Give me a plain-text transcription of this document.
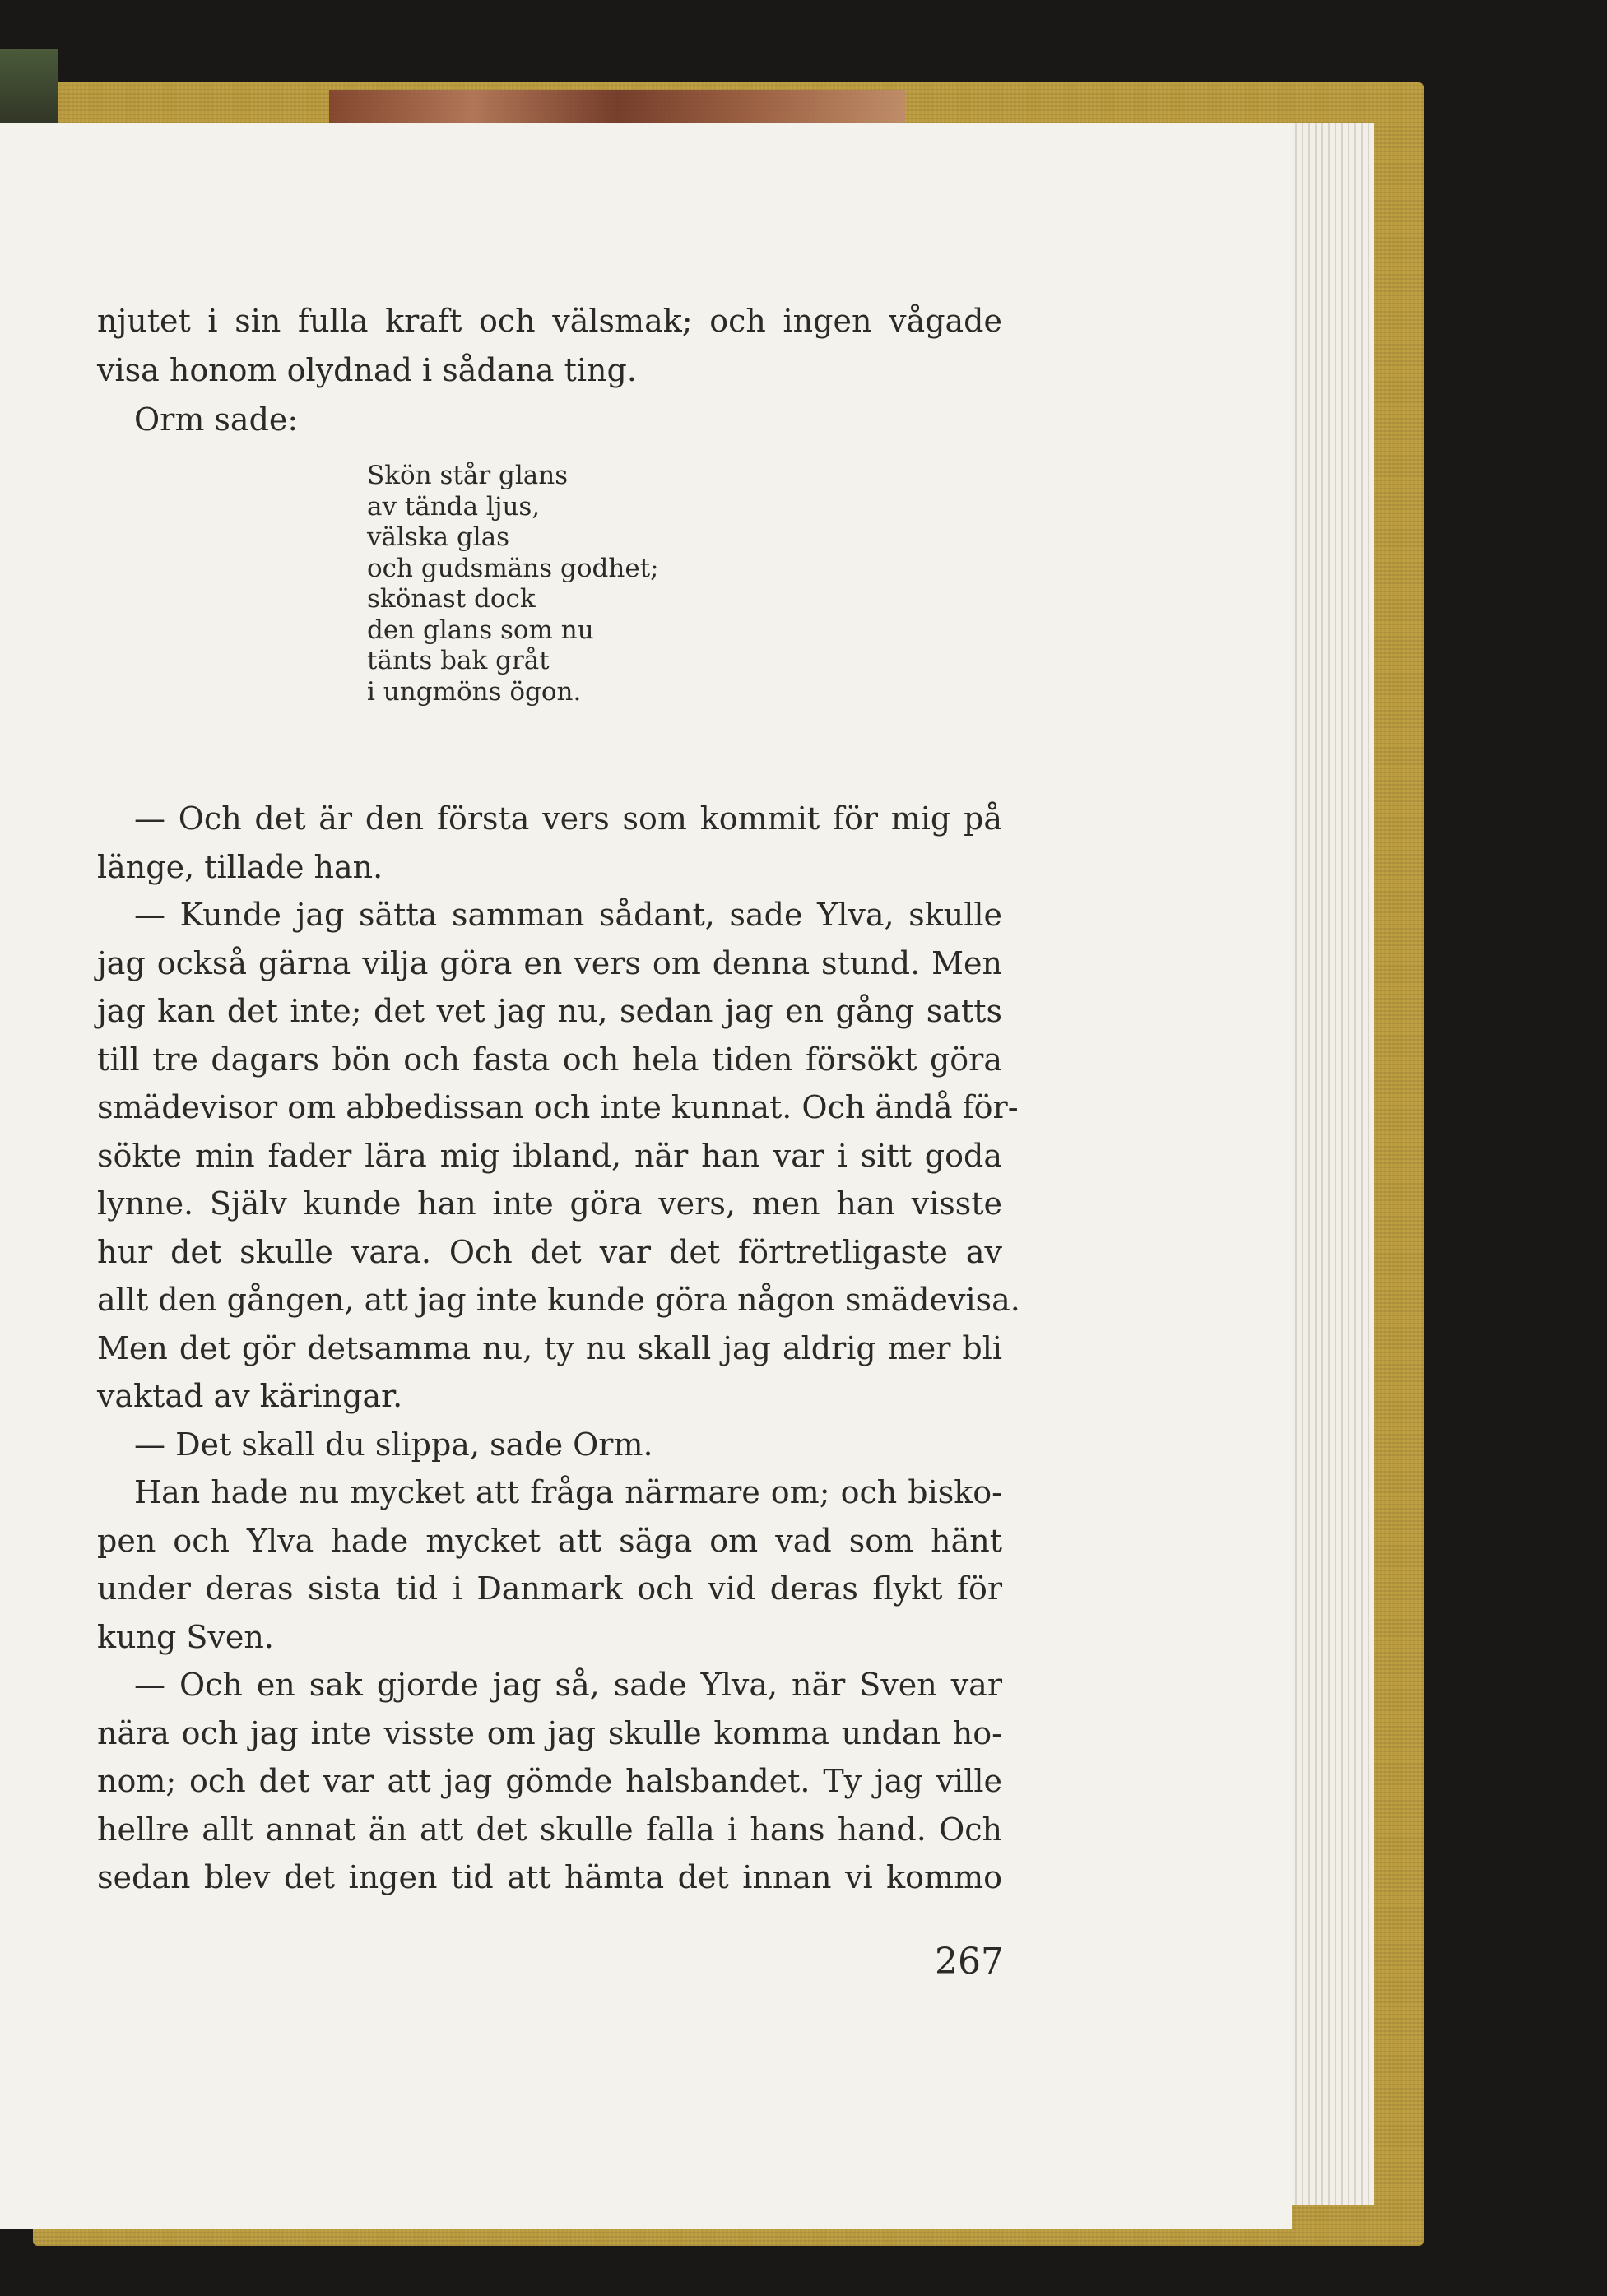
njutet i sin fulla kraft och välsmak; och ingen vågade
visa honom olydnad i sådana ting.
Orm sade:
Skön står glans
av tända ljus,
välska glas
och gudsmäns godhet;
skönast dock
den glans som nu
tänts bak gråt
i ungmöns ögon.
— Och det är den första vers som kommit för mig på
länge, tillade han.
— Kunde jag sätta samman sådant, sade Ylva, skulle
jag också gärna vilja göra en vers om denna stund. Men
jag kan det inte; det vet jag nu, sedan jag en gång satts
till tre dagars bön och fasta och hela tiden försökt göra
smädevisor om abbedissan och inte kunnat. Och ändå för-
sökte min fader lära mig ibland, när han var i sitt goda
lynne. Själv kunde han inte göra vers, men han visste
hur det skulle vara. Och det var det förtretligaste av
allt den gången, att jag inte kunde göra någon smädevisa.
Men det gör detsamma nu, ty nu skall jag aldrig mer bli
vaktad av käringar.
— Det skall du slippa, sade Orm.
Han hade nu mycket att fråga närmare om; och bisko-
pen och Ylva hade mycket att säga om vad som hänt
under deras sista tid i Danmark och vid deras flykt för
kung Sven.
— Och en sak gjorde jag så, sade Ylva, när Sven var
nära och jag inte visste om jag skulle komma undan ho-
nom; och det var att jag gömde halsbandet. Ty jag ville
hellre allt annat än att det skulle falla i hans hand. Och
sedan blev det ingen tid att hämta det innan vi kommo
267
